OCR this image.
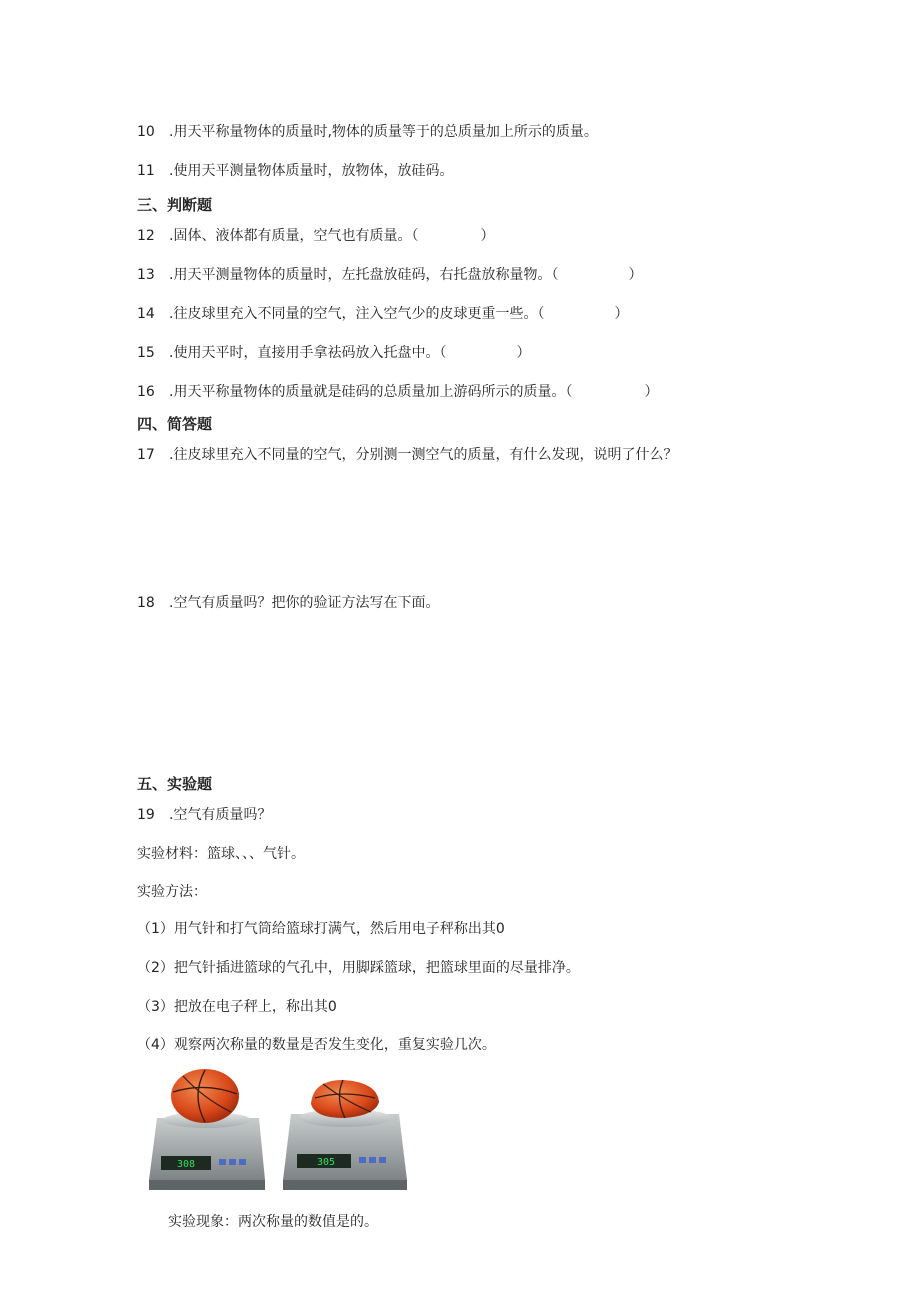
10 .用天平称量物体的质量时,物体的质量等于的总质量加上所示的质量。
11 .使用天平测量物体质量时，放物体，放硅码。
三、判断题
12 .固体、液体都有质量，空气也有质量。（	）
13 .用天平测量物体的质量时，左托盘放硅码，右托盘放称量物。（	）
14 .往皮球里充入不同量的空气，注入空气少的皮球更重一些。（	）
15 .使用天平时，直接用手拿祛码放入托盘中。（	）
16 .用天平称量物体的质量就是硅码的总质量加上游码所示的质量。（	）
四、简答题
17 .往皮球里充入不同量的空气，分别测一测空气的质量，有什么发现，说明了什么？
18 .空气有质量吗？把你的验证方法写在下面。
五、实验题
19 .空气有质量吗？
实验材料：篮球、、、气针。
实验方法：
（1）用气针和打气筒给篮球打满气，然后用电子秤称出其0
（2）把气针插进篮球的气孔中，用脚踩篮球，把篮球里面的尽量排净。
（3）把放在电子秤上，称出其0
（4）观察两次称量的数量是否发生变化，重复实验几次。
308	305
实验现象：两次称量的数值是的。
